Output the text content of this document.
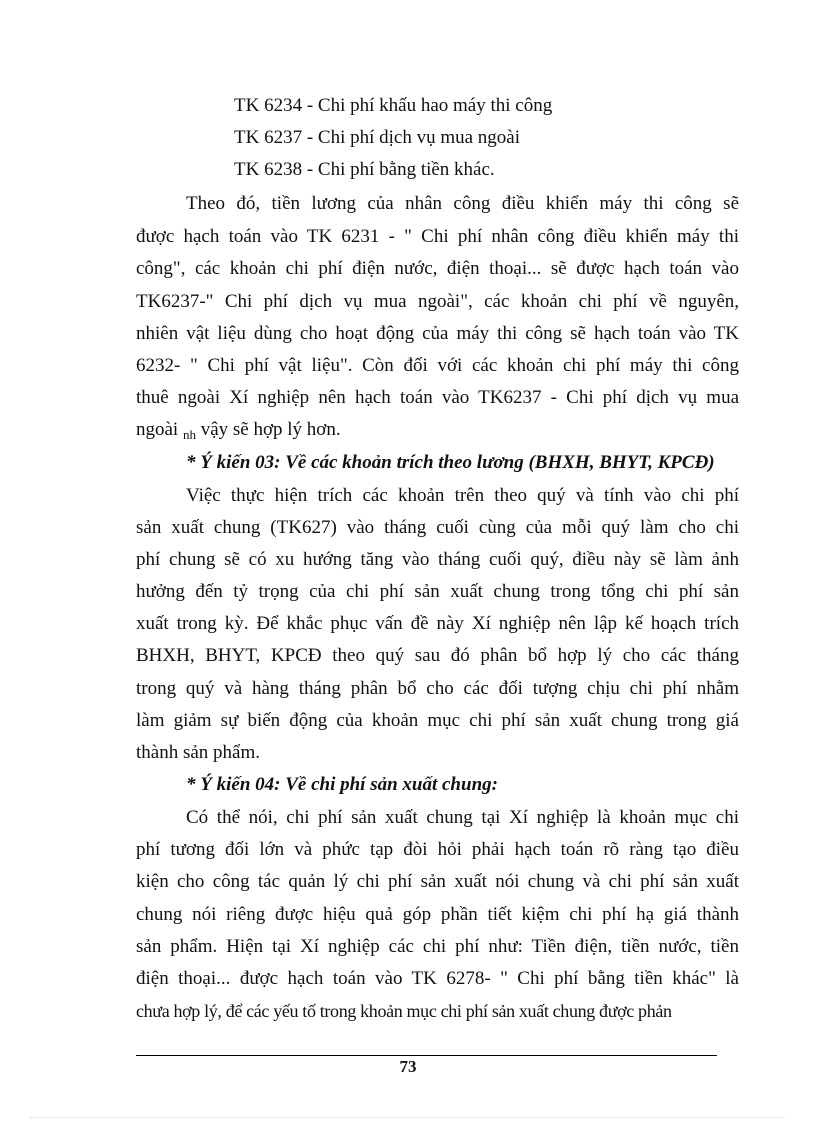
TK 6234 - Chi phí khấu hao máy thi công
TK 6237 - Chi phí dịch vụ mua ngoài
TK 6238 - Chi phí bằng tiền khác.
Theo đó, tiền lương của nhân công điều khiển máy thi công sẽ
được hạch toán vào TK 6231 - " Chi phí nhân công điều khiển máy thi
công", các khoản chi phí điện nước, điện thoại... sẽ được hạch toán vào
TK6237-" Chi phí dịch vụ mua ngoài", các khoản chi phí về nguyên,
nhiên vật liệu dùng cho hoạt động của máy thi công sẽ hạch toán vào TK
6232- " Chi phí vật liệu". Còn đối với các khoản chi phí máy thi công
thuê ngoài Xí nghiệp nên hạch toán vào TK6237 - Chi phí dịch vụ mua
ngoài $_{nh}$ vậy sẽ hợp lý hơn.
* Ý kiến 03: Về các khoản trích theo lương (BHXH, BHYT, KPCĐ)
Việc thực hiện trích các khoản trên theo quý và tính vào chi phí
sản xuất chung (TK627) vào tháng cuối cùng của mỗi quý làm cho chi
phí chung sẽ có xu hướng tăng vào tháng cuối quý, điều này sẽ làm ảnh
hưởng đến tỷ trọng của chi phí sản xuất chung trong tổng chi phí sản
xuất trong kỳ. Để khắc phục vấn đề này Xí nghiệp nên lập kế hoạch trích
BHXH, BHYT, KPCĐ theo quý sau đó phân bổ hợp lý cho các tháng
trong quý và hàng tháng phân bổ cho các đối tượng chịu chi phí nhằm
làm giảm sự biến động của khoản mục chi phí sản xuất chung trong giá
thành sản phẩm.
* Ý kiến 04: Về chi phí sản xuất chung:
Có thể nói, chi phí sản xuất chung tại Xí nghiệp là khoản mục chi
phí tương đối lớn và phức tạp đòi hỏi phải hạch toán rõ ràng tạo điều
kiện cho công tác quản lý chi phí sản xuất nói chung và chi phí sản xuất
chung nói riêng được hiệu quả góp phần tiết kiệm chi phí hạ giá thành
sản phẩm. Hiện tại Xí nghiệp các chi phí như: Tiền điện, tiền nước, tiền
điện thoại... được hạch toán vào TK 6278- " Chi phí bằng tiền khác" là
chưa hợp lý, để các yếu tố trong khoản mục chi phí sản xuất chung được phản
73
